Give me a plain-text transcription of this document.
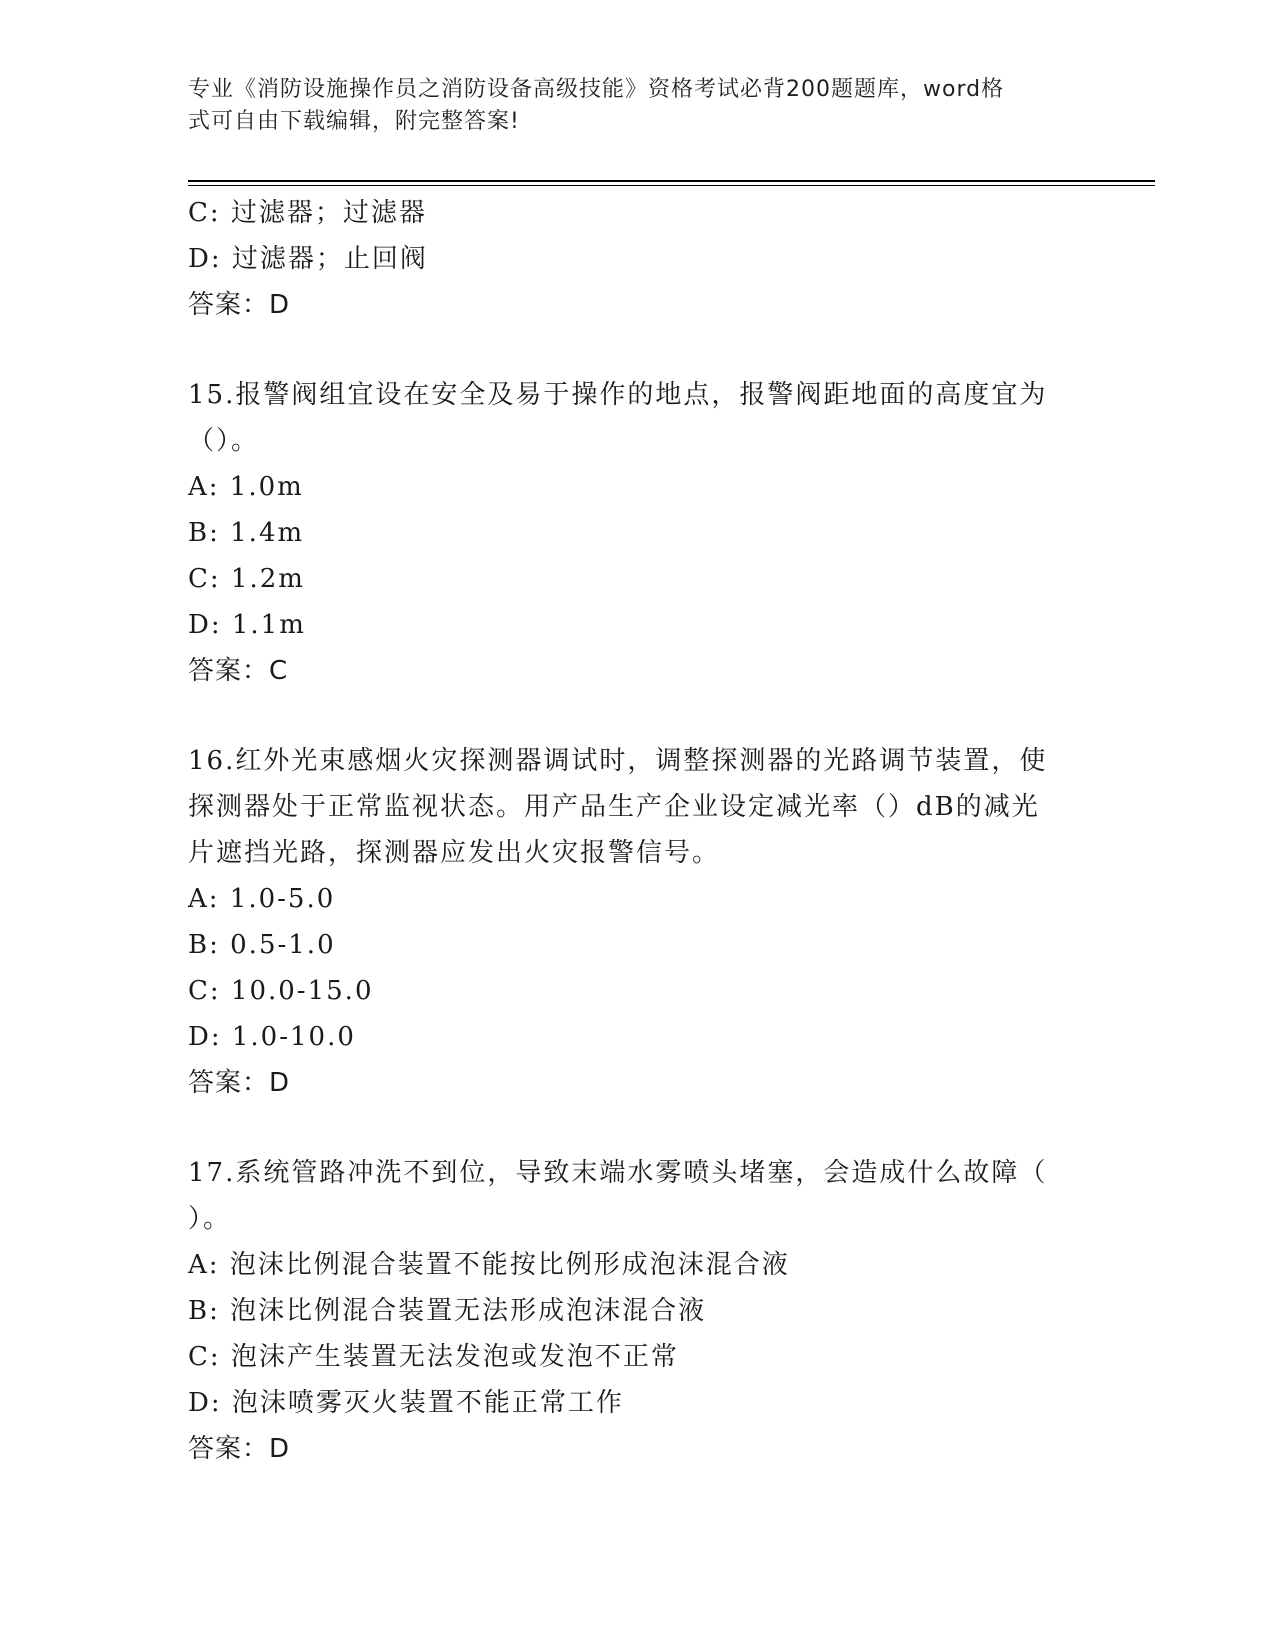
专业《消防设施操作员之消防设备高级技能》资格考试必背200题题库，word格
式可自由下载编辑，附完整答案!
C: 过滤器；过滤器
D: 过滤器；止回阀
答案：D
15.报警阀组宜设在安全及易于操作的地点，报警阀距地面的高度宜为
（）。
A: 1.0m
B: 1.4m
C: 1.2m
D: 1.1m
答案：C
16.红外光束感烟火灾探测器调试时，调整探测器的光路调节装置，使
探测器处于正常监视状态。用产品生产企业设定减光率（）dB的减光
片遮挡光路，探测器应发出火灾报警信号。
A: 1.0-5.0
B: 0.5-1.0
C: 10.0-15.0
D: 1.0-10.0
答案：D
17.系统管路冲洗不到位，导致末端水雾喷头堵塞，会造成什么故障（
）。
A: 泡沫比例混合装置不能按比例形成泡沫混合液
B: 泡沫比例混合装置无法形成泡沫混合液
C: 泡沫产生装置无法发泡或发泡不正常
D: 泡沫喷雾灭火装置不能正常工作
答案：D
